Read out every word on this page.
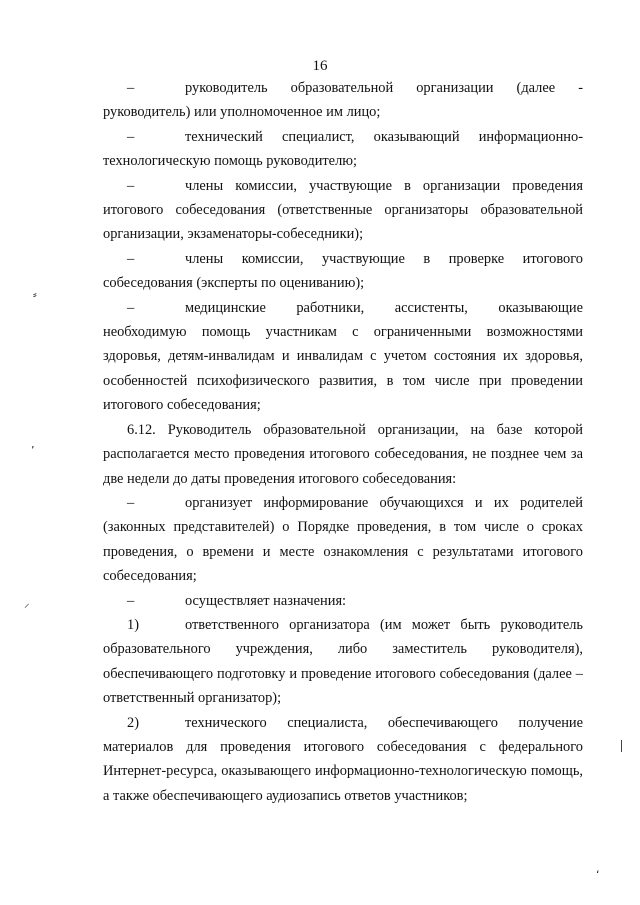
16

–	руководитель образовательной организации (далее - руководитель) или уполномоченное им лицо;

–	технический специалист, оказывающий информационно-технологическую помощь руководителю;

–	члены комиссии, участвующие в организации проведения итогового собеседования (ответственные организаторы образовательной организации, экзаменаторы-собеседники);

–	члены комиссии, участвующие в проверке итогового собеседования (эксперты по оцениванию);

–	медицинские работники, ассистенты, оказывающие необходимую помощь участникам с ограниченными возможностями здоровья, детям-инвалидам и инвалидам с учетом состояния их здоровья, особенностей психофизического развития, в том числе при проведении итогового собеседования;

6.12. Руководитель образовательной организации, на базе которой располагается место проведения итогового собеседования, не позднее чем за две недели до даты проведения итогового собеседования:

–	организует информирование обучающихся и их родителей (законных представителей) о Порядке проведения, в том числе о сроках проведения, о времени и месте ознакомления с результатами итогового собеседования;

–	осуществляет назначения:

1)	ответственного организатора (им может быть руководитель образовательного учреждения, либо заместитель руководителя), обеспечивающего подготовку и проведение итогового собеседования (далее – ответственный организатор);

2)	технического специалиста, обеспечивающего получение материалов для проведения итогового собеседования с федерального Интернет-ресурса, оказывающего информационно-технологическую помощь, а также обеспечивающего аудиозапись ответов участников;

⸗
ʼ
⸝
ʻ
